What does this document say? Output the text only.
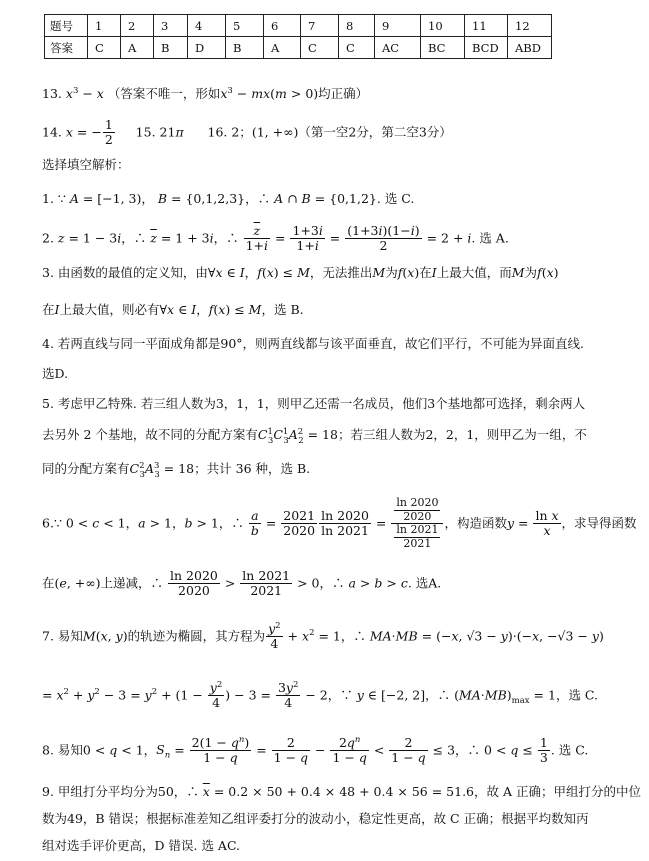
题号	1	2	3	4	5	6	7	8	9	10	11	12
答案	C	A	B	D	B	A	C	C	AC	BC	BCD	ABD
13. $x^3 - x$ （答案不唯一，形如$x^3 - mx(m > 0)$均正确）
14. x = − $\frac{1}{2} 15$. 21π 16. 2；(1, +∞)（第一空2分，第二空3分）
选择填空解析：
1. ∵ A = [−1, 3)， B = {0,1,2,3}，∴ A ∩ B = {0,1,2}. 选 C.
2. z = 1 − 3i，∴ $\overline{z} = 1 + 3i$，∴ $\frac{\overline{z}}{1+i} = \frac{1+3i}{1+i} = \frac{(1+3i)(1-i)}{2} = 2 + i$. 选 A.
3. 由函数的最值的定义知，由∀x ∈ I，f(x) ≤ M，无法推出M为f(x)在I上最大值，而M为f(x)
在I上最大值，则必有∀x ∈ I，f(x) ≤ M，选 B.
4. 若两直线与同一平面成角都是90°，则两直线都与该平面垂直，故它们平行，不可能为异面直线.
选D.
5. 考虑甲乙特殊. 若三组人数为3，1，1，则甲乙还需一名成员，他们3个基地都可选择，剩余两人
去另外 2 个基地，故不同的分配方案有$C^1_3C^1_3A^2_2 = 18$；若三组人数为2，2，1，则甲乙为一组，不
同的分配方案有$C^2_3A^3_3 = 18$；共计 36 种，选 B.
6.∵ 0 < c < 1，a > 1，b > 1，∴ $\frac{a}{b} = \frac{2021}{2020} \frac{\ln 2020}{\ln 2021} = \frac{\frac{\ln 2020}{2020}}{\frac{\ln 2021}{2021}}$ ，构造函数$y = \frac{\text{ln x}}{x}$ ，求导得函数
在(e, +∞)上递减，∴ $\frac{\ln 2020}{2020} > \frac{\ln 2021}{2021} > 0$，∴ a > b > c. 选A.
7. 易知M(x, y)的轨迹为椭圆，其方程为 $\frac{y^2}{4} + x^2 = 1$，∴ MA·MB = (−x, √3 − y)·(−x, −√3 − y)
= $x^2 + y^2 - 3 = y^2 + (1 - \frac{y^2}{4}$ ) − $3 = \frac{3y^2}{4} - 2$，∵ y ∈ [−2, 2]，∴ $(MA\cdot MB)_{max} = 1$，选 C.
8. 易知0 < q < 1，$S_n = \frac{2(1 - q^n)}{1 - q} = \frac{2}{1 - q} - \frac{2q^n}{1 - q} < \frac{2}{1 - q} \le 3$，∴ $0 < q \le \frac{1}{3}$ . 选 C.
9. 甲组打分平均分为50，∴ $\overline{x} = 0.2 \times 50 + 0.4 \times 48 + 0.4 \times 56 = 51.6$，故 A 正确；甲组打分的中位
数为49，B 错误；根据标准差知乙组评委打分的波动小，稳定性更高，故 C 正确；根据平均数知丙
组对选手评价更高，D 错误. 选 AC.
